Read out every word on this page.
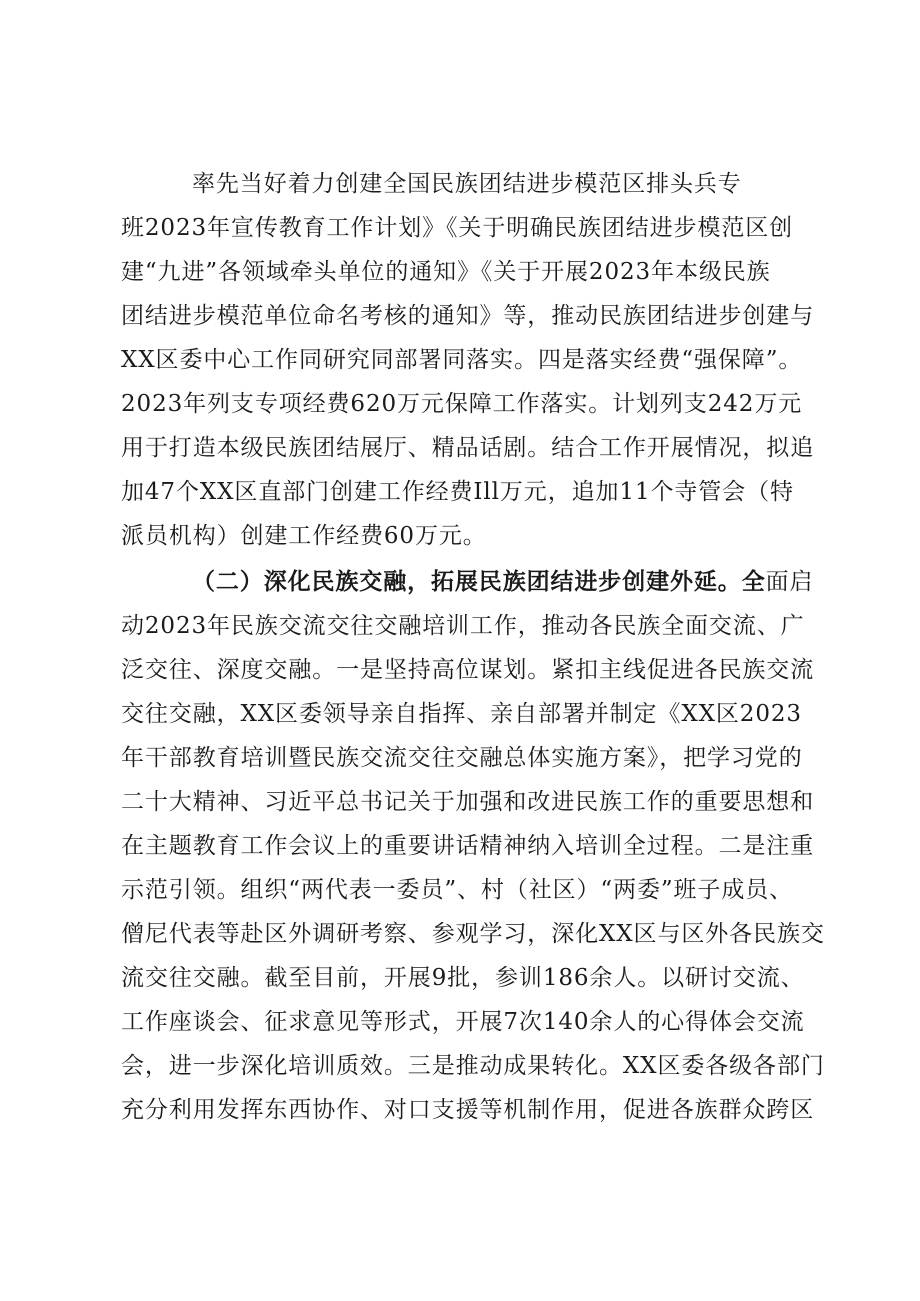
率先当好着力创建全国民族团结进步模范区排头兵专
班2023年宣传教育工作计划》《关于明确民族团结进步模范区创
建“九进”各领域牵头单位的通知》《关于开展2023年本级民族
团结进步模范单位命名考核的通知》等，推动民族团结进步创建与
XX区委中心工作同研究同部署同落实。四是落实经费“强保障”。
2023年列支专项经费620万元保障工作落实。计划列支242万元
用于打造本级民族团结展厅、精品话剧。结合工作开展情况，拟追
加47个XX区直部门创建工作经费Ill万元，追加11个寺管会（特
派员机构）创建工作经费60万元。
（二）深化民族交融，拓展民族团结进步创建外延。全面启
动2023年民族交流交往交融培训工作，推动各民族全面交流、广
泛交往、深度交融。一是坚持高位谋划。紧扣主线促进各民族交流
交往交融，XX区委领导亲自指挥、亲自部署并制定《XX区2023
年干部教育培训暨民族交流交往交融总体实施方案》，把学习党的
二十大精神、习近平总书记关于加强和改进民族工作的重要思想和
在主题教育工作会议上的重要讲话精神纳入培训全过程。二是注重
示范引领。组织“两代表一委员”、村（社区）“两委”班子成员、
僧尼代表等赴区外调研考察、参观学习，深化XX区与区外各民族交
流交往交融。截至目前，开展9批，参训186余人。以研讨交流、
工作座谈会、征求意见等形式，开展7次140余人的心得体会交流
会，进一步深化培训质效。三是推动成果转化。XX区委各级各部门
充分利用发挥东西协作、对口支援等机制作用，促进各族群众跨区
